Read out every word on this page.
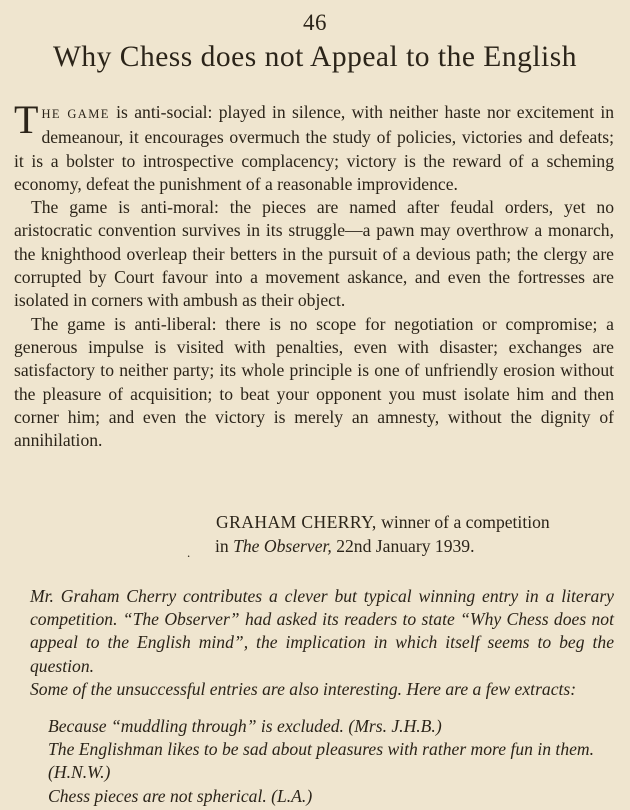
46
Why Chess does not Appeal to the English

THE GAME is anti-social: played in silence, with neither haste nor excitement in demeanour, it encourages overmuch the study of policies, victories and defeats; it is a bolster to introspective complacency; victory is the reward of a scheming economy, defeat the punishment of a reasonable improvidence.

The game is anti-moral: the pieces are named after feudal orders, yet no aristocratic convention survives in its struggle—a pawn may overthrow a monarch, the knighthood overleap their betters in the pursuit of a devious path; the clergy are corrupted by Court favour into a movement askance, and even the fortresses are isolated in corners with ambush as their object.

The game is anti-liberal: there is no scope for negotiation or compromise; a generous impulse is visited with penalties, even with disaster; exchanges are satisfactory to neither party; its whole principle is one of unfriendly erosion without the pleasure of acquisition; to beat your opponent you must isolate him and then corner him; and even the victory is merely an amnesty, without the dignity of annihilation.

GRAHAM CHERRY, winner of a competition
in The Observer, 22nd January 1939.
.

Mr. Graham Cherry contributes a clever but typical winning entry in a literary competition. “The Observer” had asked its readers to state “Why Chess does not appeal to the English mind”, the implication in which itself seems to beg the question.

Some of the unsuccessful entries are also interesting. Here are a few extracts:

Because “muddling through” is excluded. (Mrs. J.H.B.)

The Englishman likes to be sad about pleasures with rather more fun in them. (H.N.W.)

Chess pieces are not spherical. (L.A.)
